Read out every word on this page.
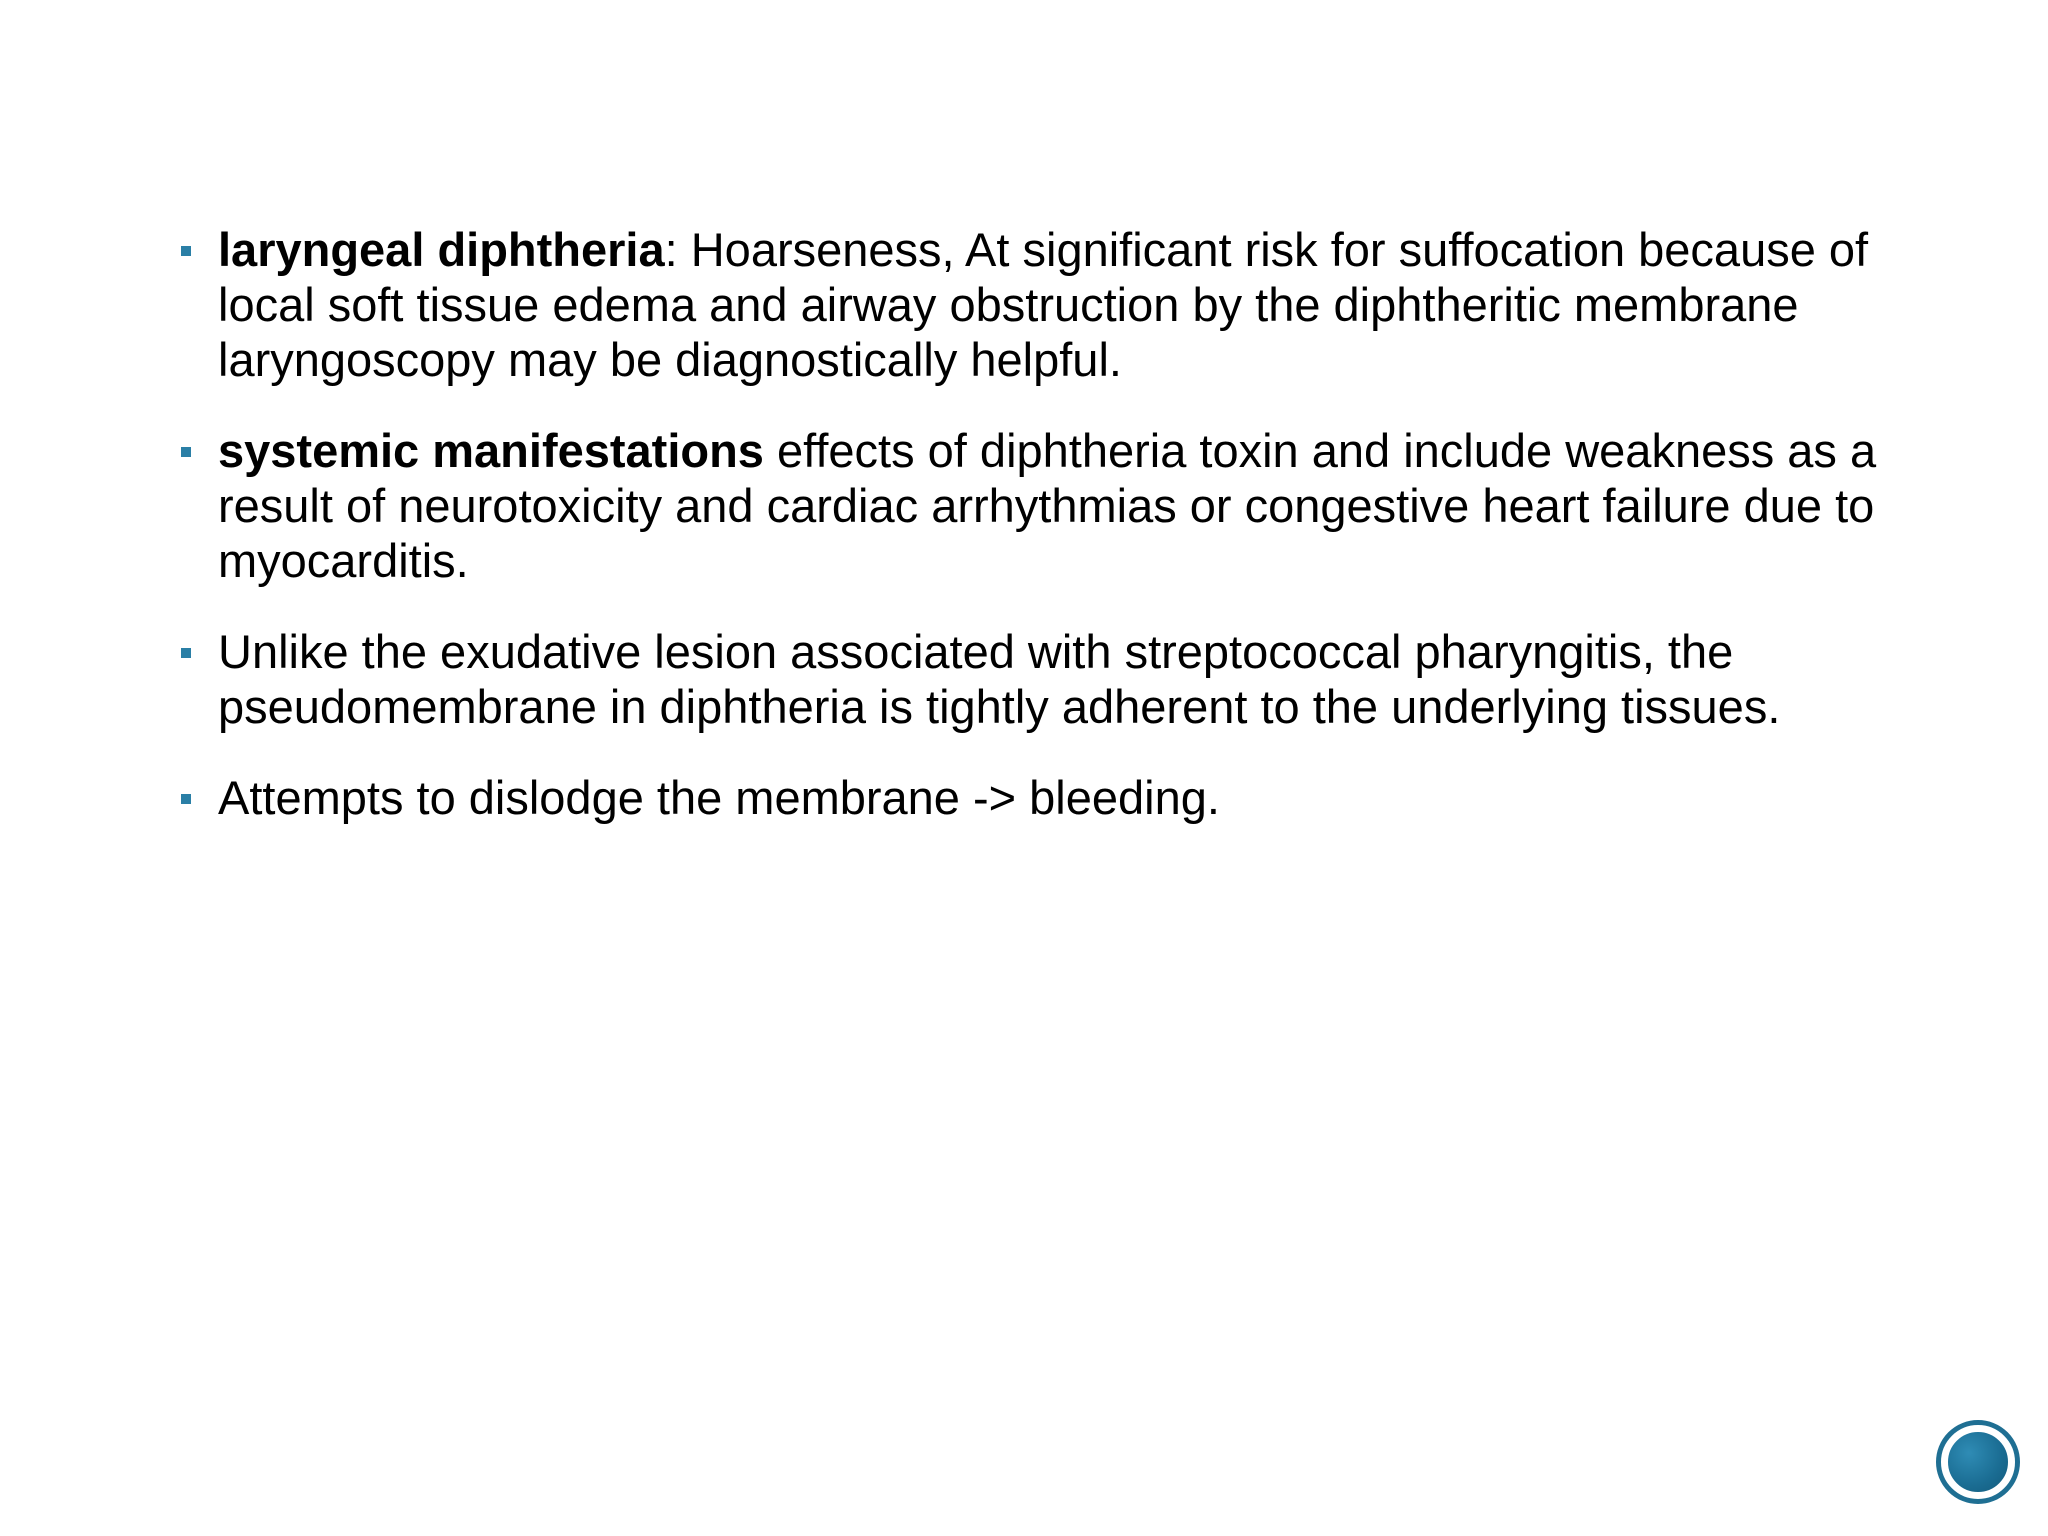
laryngeal diphtheria: Hoarseness, At significant risk for suffocation because of local soft tissue edema and airway obstruction by the diphtheritic membrane laryngoscopy may be diagnostically helpful.
systemic manifestations effects of diphtheria toxin and include weakness as a result of neurotoxicity and cardiac arrhythmias or congestive heart failure due to myocarditis.
Unlike the exudative lesion associated with streptococcal pharyngitis, the pseudomembrane in diphtheria is tightly adherent to the underlying tissues.
Attempts to dislodge the membrane -> bleeding.
